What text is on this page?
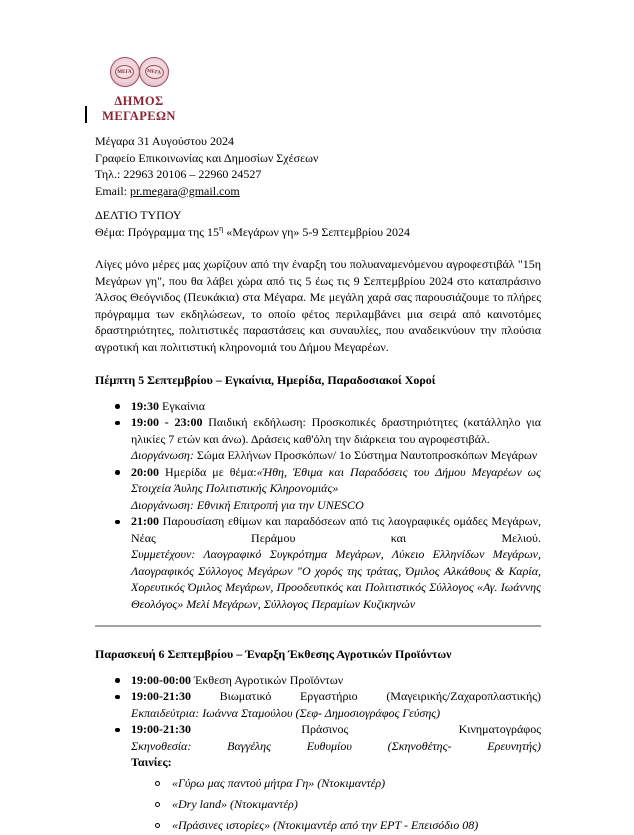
ΜΕΓΑ	ΜΕΓΑ
ΔΗΜΟΣ
ΜΕΓΑΡΕΩΝ
Μέγαρα 31 Αυγούστου 2024
Γραφείο Επικοινωνίας και Δημοσίων Σχέσεων
Τηλ.: 22963 20106 – 22960 24527
Email: pr.megara@gmail.com
ΔΕΛΤΙΟ ΤΥΠΟΥ
Θέμα: Πρόγραμμα της $15^\eta$ «Μεγάρων γη» 5-9 Σεπτεμβρίου 2024
Λίγες μόνο μέρες μας χωρίζουν από την έναρξη του πολυαναμενόμενου αγροφεστιβάλ "15η Μεγάρων γη", που θα λάβει χώρα από τις 5 έως τις 9 Σεπτεμβρίου 2024 στο καταπράσινο Άλσος Θεόγνιδος (Πευκάκια) στα Μέγαρα. Με μεγάλη χαρά σας παρουσιάζουμε το πλήρες πρόγραμμα των εκδηλώσεων, το οποίο φέτος περιλαμβάνει μια σειρά από καινοτόμες δραστηριότητες, πολιτιστικές παραστάσεις και συναυλίες, που αναδεικνύουν την πλούσια αγροτική και πολιτιστική κληρονομιά του Δήμου Μεγαρέων.
Πέμπτη 5 Σεπτεμβρίου – Εγκαίνια, Ημερίδα, Παραδοσιακοί Χοροί
19:30 Εγκαίνια
19:00 - 23:00 Παιδική εκδήλωση: Προσκοπικές δραστηριότητες (κατάλληλο για ηλικίες 7 ετών και άνω). Δράσεις καθ'όλη την διάρκεια του αγροφεστιβάλ.
Διοργάνωση: Σώμα Ελλήνων Προσκόπων/ 1ο Σύστημα Ναυτοπροσκόπων Μεγάρων
20:00 Ημερίδα με θέμα:«Ήθη, Έθιμα και Παραδόσεις του Δήμου Μεγαρέων ως Στοιχεία Άυλης Πολιτιστικής Κληρονομιάς»
Διοργάνωση: Εθνική Επιτροπή για την UNESCO
21:00 Παρουσίαση εθίμων και παραδόσεων από τις λαογραφικές ομάδες Μεγάρων, Νέας Περάμου και Μελιού.
Συμμετέχουν: Λαογραφικό Συγκρότημα Μεγάρων, Λύκειο Ελληνίδων Μεγάρων, Λαογραφικός Σύλλογος Μεγάρων "Ο χορός της τράτας, Όμιλος Αλκάθους & Καρία, Χορευτικός Όμιλος Μεγάρων, Προοδευτικός και Πολιτιστικός Σύλλογος «Αγ. Ιωάννης Θεολόγος» Μελί Μεγάρων, Σύλλογος Περαμίων Κυζικηνών
Παρασκευή 6 Σεπτεμβρίου – Έναρξη Έκθεσης Αγροτικών Προϊόντων
19:00-00:00 Έκθεση Αγροτικών Προϊόντων
19:00-21:30 Βιωματικό Εργαστήριο (Μαγειρικής/Ζαχαροπλαστικής)
Εκπαιδεύτρια: Ιωάννα Σταμούλου (Σεφ- Δημοσιογράφος Γεύσης)
19:00-21:30	Πράσινος	Κινηματογράφος
Σκηνοθεσία:	Βαγγέλης	Ευθυμίου	(Σκηνοθέτης-	Ερευνητής)
Ταινίες:
«Γύρω μας παντού μήτρα Γη» (Ντοκιμαντέρ)
«Dry land» (Ντοκιμαντέρ)
«Πράσινες ιστορίες» (Ντοκιμαντέρ από την ΕΡΤ - Επεισόδιο 08)
